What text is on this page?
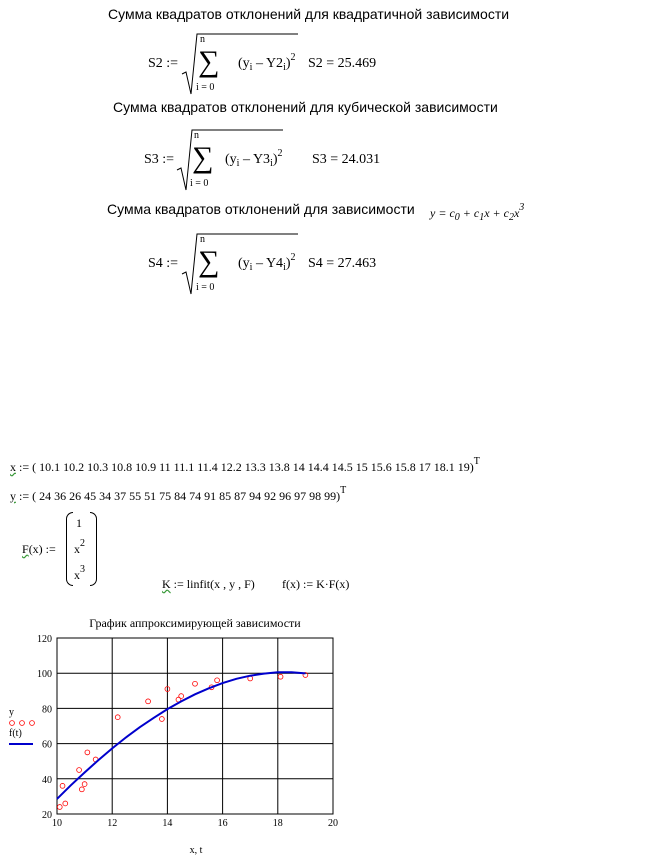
Сумма квадратов отклонений для квадратичной зависимости
S2 :=
n
∑
i = 0
$(y_i - Y2_i)^2$ S2 = 25.469
Сумма квадратов отклонений для кубической зависимости
S3 :=
n
∑
i = 0
$(y_i - Y3_i)^2$ S3 = 24.031
Сумма квадратов отклонений для зависимости $y = c_0 + c_1x + c_2x^3$
S4 :=
n
∑
i = 0
$(y_i - Y4_i)^2$ S4 = 27.463
x := ( 10.1 10.2 10.3 10.8 10.9 11 11.1 11.4 12.2 13.3 13.8 14 14.4 14.5 15 15.6 15.8 17 18.1 19)$^T$
y := ( 24 36 26 45 34 37 55 51 75 84 74 91 85 87 94 92 96 97 98 99)$^T$
F(x) :=
1
$x^2$
$x^3$
K := linfit(x , y , F) f(x) := K·F(x)
График аппроксимирующей зависимости
10	12	14	16	18	20
20
40
60
80
100
120
x, t
y
f(t)
